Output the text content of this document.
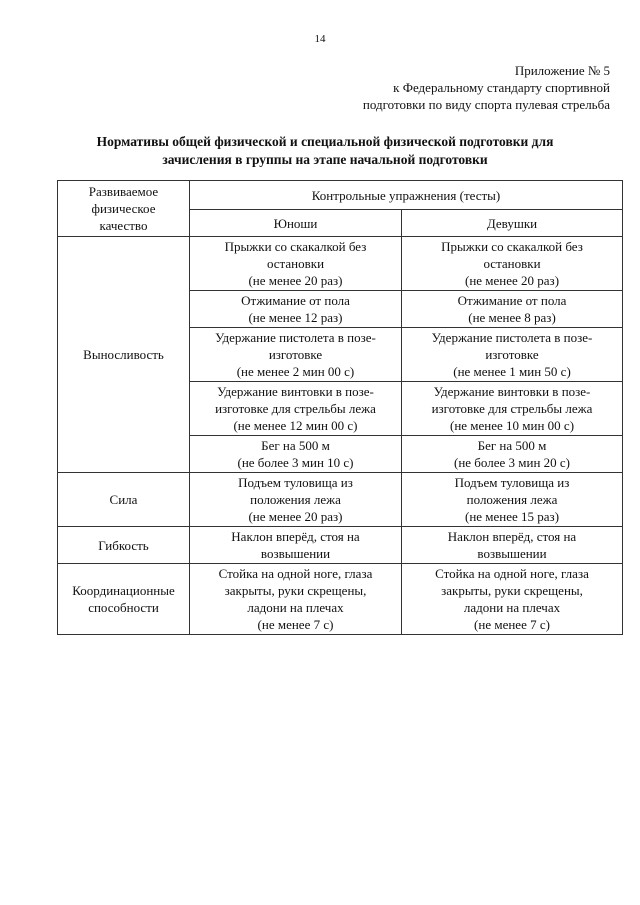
14
Приложение № 5
к Федеральному стандарту спортивной
подготовки по виду спорта пулевая стрельба
Нормативы общей физической и специальной физической подготовки для
зачисления в группы на этапе начальной подготовки
Развиваемое
физическое
качество	Контрольные упражнения (тесты)	
	Юноши	Девушки
Выносливость	Прыжки со скакалкой без
остановки
(не менее 20 раз)	Прыжки со скакалкой без
остановки
(не менее 20 раз)

	Отжимание от пола
(не менее 12 раз)	Отжимание от пола
(не менее 8 раз)

	Удержание пистолета в позе-
изготовке
(не менее 2 мин 00 с)	Удержание пистолета в позе-
изготовке
(не менее 1 мин 50 с)

	Удержание винтовки в позе-
изготовке для стрельбы лежа
(не менее 12 мин 00 с)	Удержание винтовки в позе-
изготовке для стрельбы лежа
(не менее 10 мин 00 с)

	Бег на 500 м
(не более 3 мин 10 с)	Бег на 500 м
(не более 3 мин 20 с)

Сила	Подъем туловища из
положения лежа
(не менее 20 раз)	Подъем туловища из
положения лежа
(не менее 15 раз)

Гибкость	Наклон вперёд, стоя на
возвышении	Наклон вперёд, стоя на
возвышении

Координационные
способности	Стойка на одной ноге, глаза
закрыты, руки скрещены,
ладони на плечах
(не менее 7 с)	Стойка на одной ноге, глаза
закрыты, руки скрещены,
ладони на плечах
(не менее 7 с)
